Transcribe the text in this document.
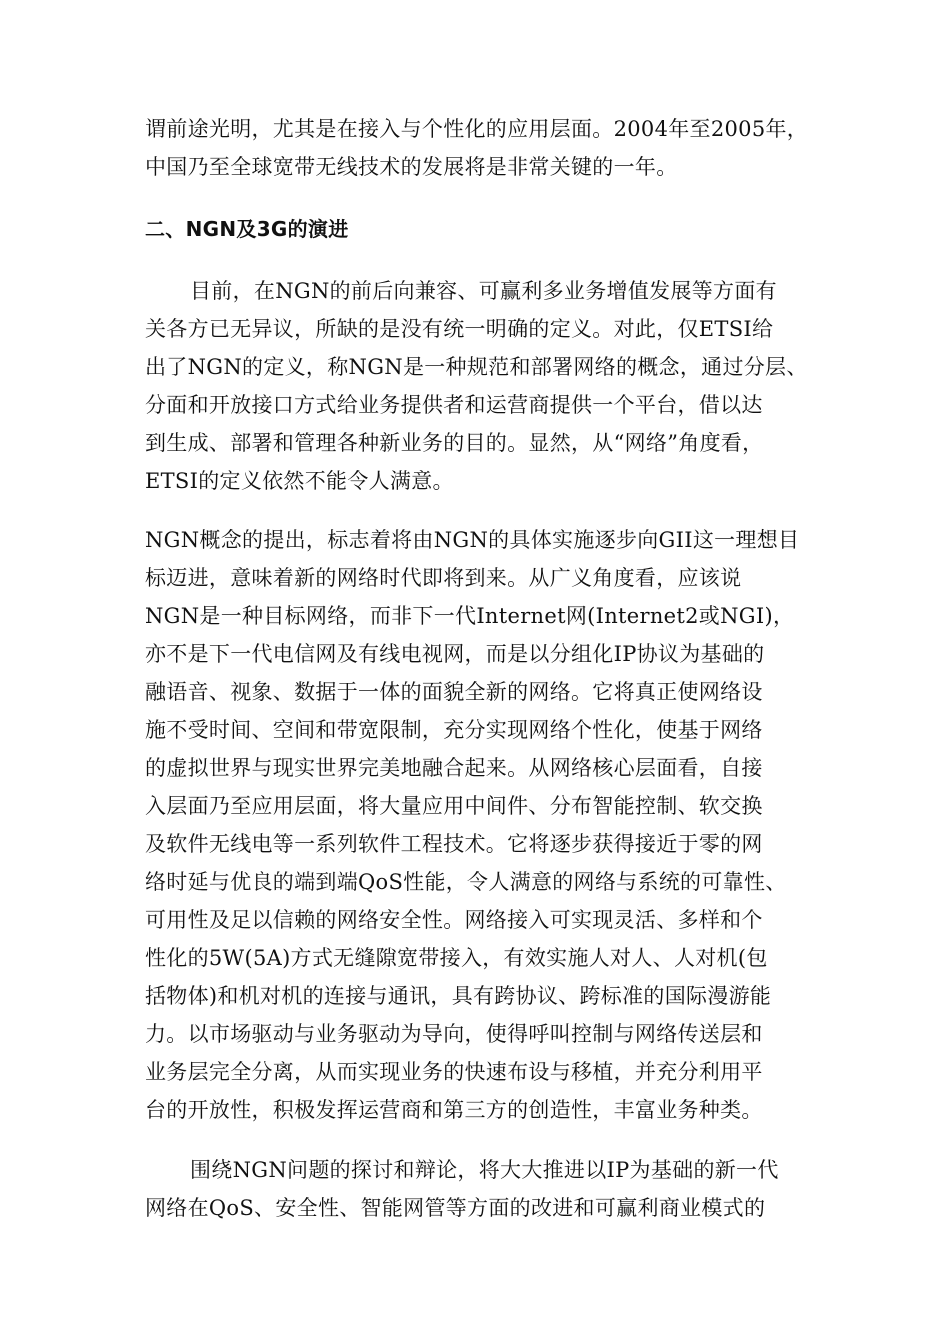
谓前途光明，尤其是在接入与个性化的应用层面。2004年至2005年，
中国乃至全球宽带无线技术的发展将是非常关键的一年。
二、NGN及3G的演进
目前，在NGN的前后向兼容、可赢利多业务增值发展等方面有
关各方已无异议，所缺的是没有统一明确的定义。对此，仅ETSI给
出了NGN的定义，称NGN是一种规范和部署网络的概念，通过分层、
分面和开放接口方式给业务提供者和运营商提供一个平台，借以达
到生成、部署和管理各种新业务的目的。显然，从“网络”角度看，
ETSI的定义依然不能令人满意。
NGN概念的提出，标志着将由NGN的具体实施逐步向GII这一理想目
标迈进，意味着新的网络时代即将到来。从广义角度看，应该说
NGN是一种目标网络，而非下一代Internet网(Internet2或NGI)，
亦不是下一代电信网及有线电视网，而是以分组化IP协议为基础的
融语音、视象、数据于一体的面貌全新的网络。它将真正使网络设
施不受时间、空间和带宽限制，充分实现网络个性化，使基于网络
的虚拟世界与现实世界完美地融合起来。从网络核心层面看，自接
入层面乃至应用层面，将大量应用中间件、分布智能控制、软交换
及软件无线电等一系列软件工程技术。它将逐步获得接近于零的网
络时延与优良的端到端QoS性能，令人满意的网络与系统的可靠性、
可用性及足以信赖的网络安全性。网络接入可实现灵活、多样和个
性化的5W(5A)方式无缝隙宽带接入，有效实施人对人、人对机(包
括物体)和机对机的连接与通讯，具有跨协议、跨标准的国际漫游能
力。以市场驱动与业务驱动为导向，使得呼叫控制与网络传送层和
业务层完全分离，从而实现业务的快速布设与移植，并充分利用平
台的开放性，积极发挥运营商和第三方的创造性，丰富业务种类。
围绕NGN问题的探讨和辩论，将大大推进以IP为基础的新一代
网络在QoS、安全性、智能网管等方面的改进和可赢利商业模式的
